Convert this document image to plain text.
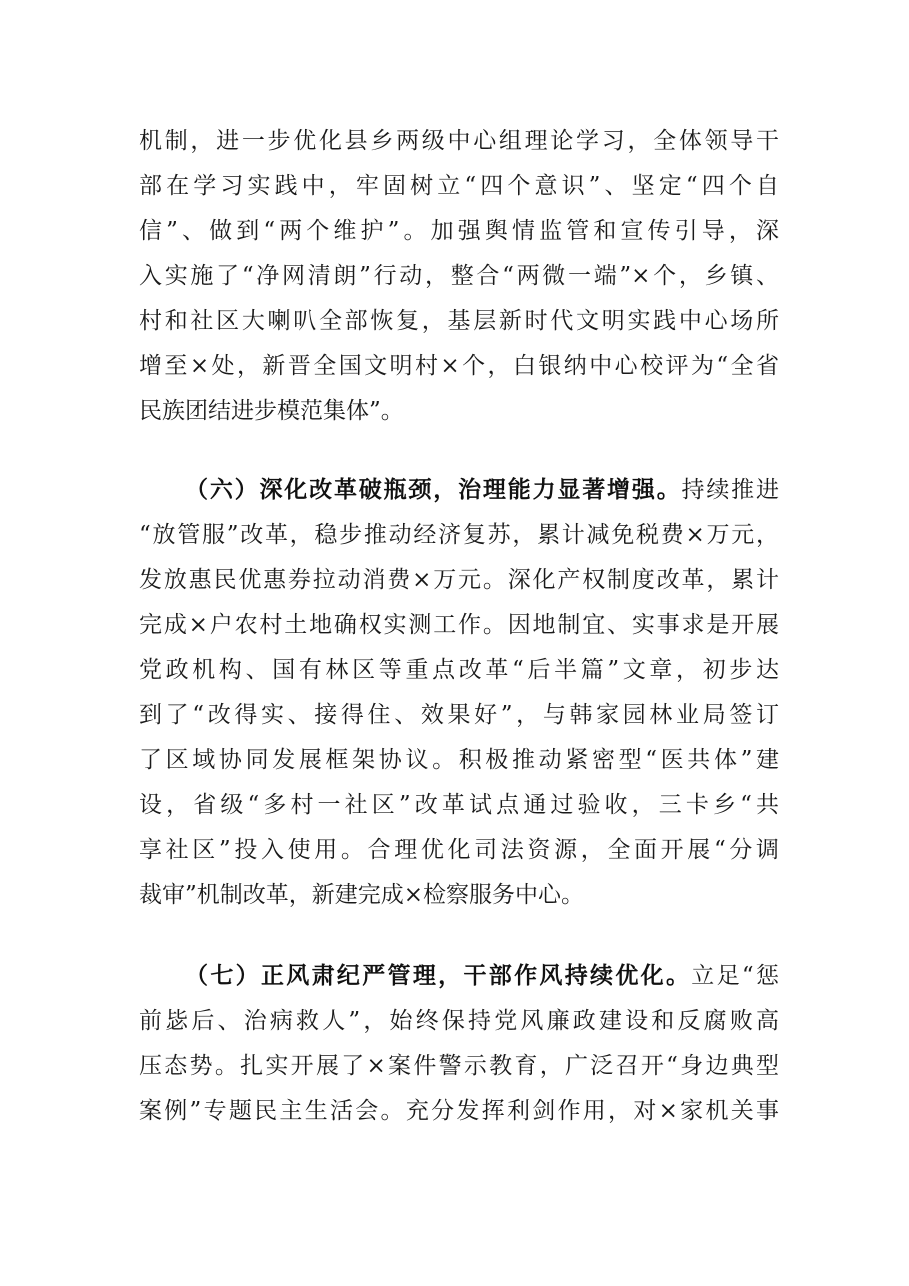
机制，进一步优化县乡两级中心组理论学习，全体领导干
部在学习实践中，牢固树立“四个意识”、坚定“四个自
信”、做到“两个维护”。加强舆情监管和宣传引导，深
入实施了“净网清朗”行动，整合“两微一端”×个，乡镇、
村和社区大喇叭全部恢复，基层新时代文明实践中心场所
增至×处，新晋全国文明村×个，白银纳中心校评为“全省
民族团结进步模范集体”。
（六）深化改革破瓶颈，治理能力显著增强。持续推进
“放管服”改革，稳步推动经济复苏，累计减免税费×万元，
发放惠民优惠券拉动消费×万元。深化产权制度改革，累计
完成×户农村土地确权实测工作。因地制宜、实事求是开展
党政机构、国有林区等重点改革“后半篇”文章，初步达
到了“改得实、接得住、效果好”，与韩家园林业局签订
了区域协同发展框架协议。积极推动紧密型“医共体”建
设，省级“多村一社区”改革试点通过验收，三卡乡“共
享社区”投入使用。合理优化司法资源，全面开展“分调
裁审”机制改革，新建完成×检察服务中心。
（七）正风肃纪严管理，干部作风持续优化。立足“惩
前毖后、治病救人”，始终保持党风廉政建设和反腐败高
压态势。扎实开展了×案件警示教育，广泛召开“身边典型
案例”专题民主生活会。充分发挥利剑作用，对×家机关事
